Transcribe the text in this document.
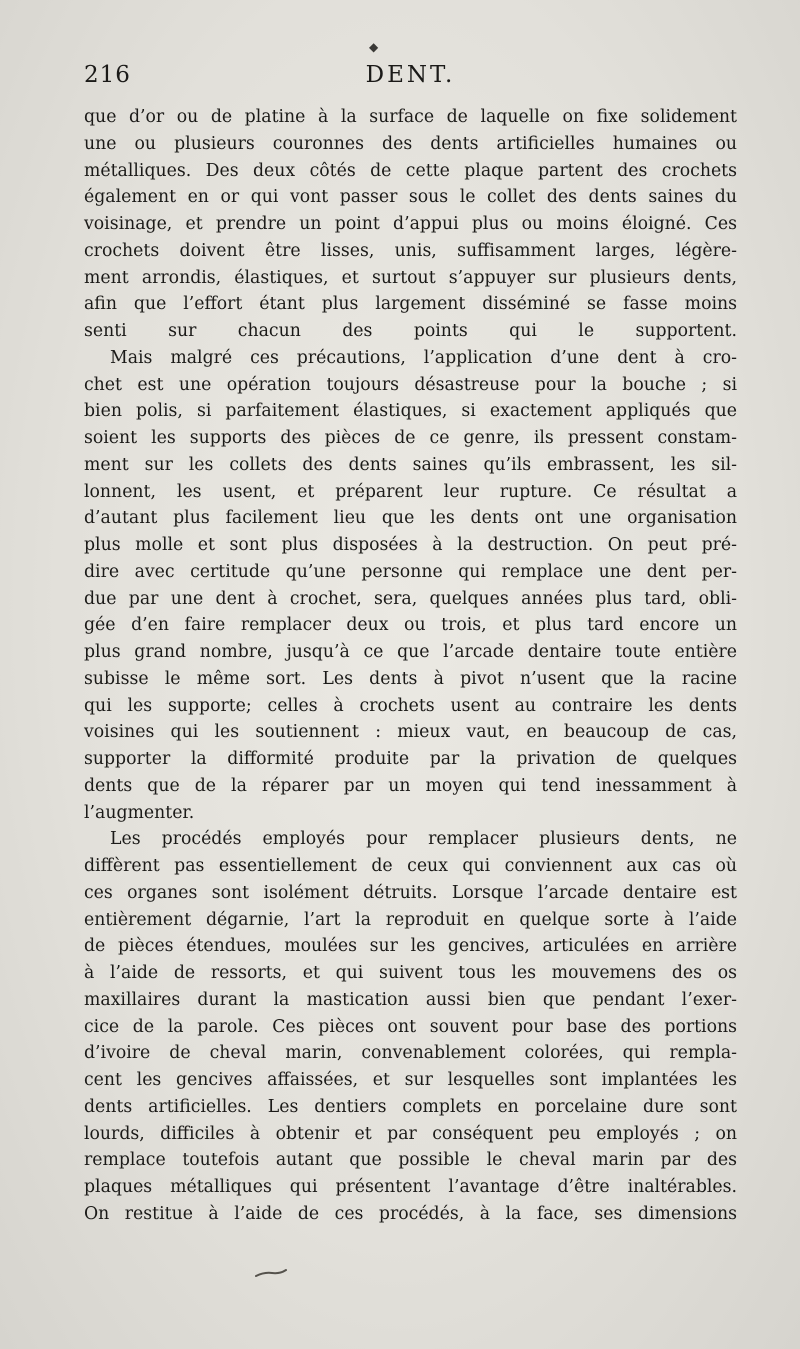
◆
216	DENT.

que d’or ou de platine à la surface de laquelle on fixe solidement
une ou plusieurs couronnes des dents artificielles humaines ou
métalliques. Des deux côtés de cette plaque partent des crochets
également en or qui vont passer sous le collet des dents saines du
voisinage, et prendre un point d’appui plus ou moins éloigné. Ces
crochets doivent être lisses, unis, suffisamment larges, légère-
ment arrondis, élastiques, et surtout s’appuyer sur plusieurs dents,
afin que l’effort étant plus largement disséminé se fasse moins
senti sur chacun des points qui le supportent.

Mais malgré ces précautions, l’application d’une dent à cro-
chet est une opération toujours désastreuse pour la bouche ; si
bien polis, si parfaitement élastiques, si exactement appliqués que
soient les supports des pièces de ce genre, ils pressent constam-
ment sur les collets des dents saines qu’ils embrassent, les sil-
lonnent, les usent, et préparent leur rupture. Ce résultat a
d’autant plus facilement lieu que les dents ont une organisation
plus molle et sont plus disposées à la destruction. On peut pré-
dire avec certitude qu’une personne qui remplace une dent per-
due par une dent à crochet, sera, quelques années plus tard, obli-
gée d’en faire remplacer deux ou trois, et plus tard encore un
plus grand nombre, jusqu’à ce que l’arcade dentaire toute entière
subisse le même sort. Les dents à pivot n’usent que la racine
qui les supporte; celles à crochets usent au contraire les dents
voisines qui les soutiennent : mieux vaut, en beaucoup de cas,
supporter la difformité produite par la privation de quelques
dents que de la réparer par un moyen qui tend inessamment à
l’augmenter.

Les procédés employés pour remplacer plusieurs dents, ne
diffèrent pas essentiellement de ceux qui conviennent aux cas où
ces organes sont isolément détruits. Lorsque l’arcade dentaire est
entièrement dégarnie, l’art la reproduit en quelque sorte à l’aide
de pièces étendues, moulées sur les gencives, articulées en arrière
à l’aide de ressorts, et qui suivent tous les mouvemens des os
maxillaires durant la mastication aussi bien que pendant l’exer-
cice de la parole. Ces pièces ont souvent pour base des portions
d’ivoire de cheval marin, convenablement colorées, qui rempla-
cent les gencives affaissées, et sur lesquelles sont implantées les
dents artificielles. Les dentiers complets en porcelaine dure sont
lourds, difficiles à obtenir et par conséquent peu employés ; on
remplace toutefois autant que possible le cheval marin par des
plaques métalliques qui présentent l’avantage d’être inaltérables.
On restitue à l’aide de ces procédés, à la face, ses dimensions
